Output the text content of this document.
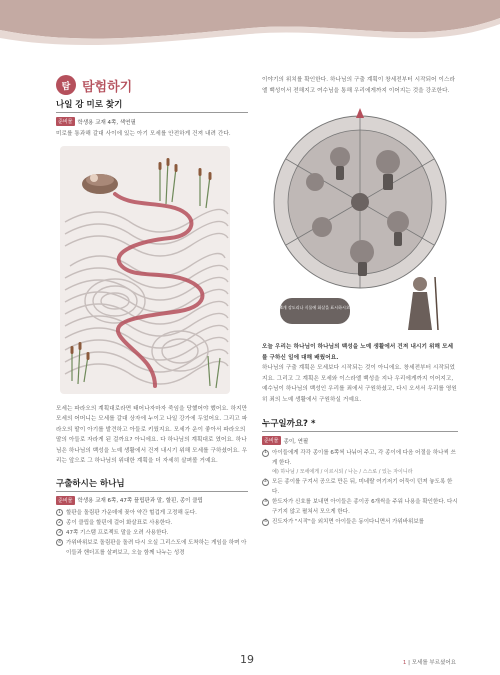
탐 탐험하기
나일 강 미로 찾기
준비물 학생용 교재 4쪽, 색연필
미로를 통과해 갈대 사이에 있는 아기 모세를 안전하게 건져 내려 간다.
모세는 파라오의 계획대로라면 태어나자마자 죽임을 당했어야 했어요. 하지만 모세의 어머니는 모세를 갈대 상자에 누이고 나일 강가에 두었어요. 그리고 파라오의 딸이 아기를 발견하고 아들로 키웠지요. 모세가 운이 좋아서 파라오의 딸의 아들로 자라게 된 걸까요? 아니에요. 다 하나님의 계획대로 였어요. 하나님은 하나님의 백성을 노예 생활에서 건져 내시기 위해 모세를 구하셨어요. 우리는 앞으로 그 하나님의 위대한 계획을 더 자세히 살펴볼 거예요.
구출하시는 하나님
준비물 학생용 교재 6쪽, 47쪽 플립판과 말, 할핀, 종이 클립
1 할판을 돌림판 가운데에 꽂아 약간 헐겁게 고정해 둔다.
2 종이 클립을 할핀에 걸어 화살표로 사용한다.
3 47쪽 기스탬 프로젝트 말을 오려 사용한다.
4 가위바위보로 돌림판을 돌려 다시 오실 그리스도에 도착하는 게임을 하며 아이들과 핸더프를 살펴보고, 오늘 함께 나누는 성경
이야기의 위치를 확인한다. 하나님의 구출 계획이 창세전부터 시작되어 이스라엘 백성이서 전해지고 여수님을 통해 우리에게까지 이어지는 것을 강조한다.
4개 강도리나 식물에 화살을 표시하시오
오늘 우리는 하나님이 하나님의 백성을 노예 생활에서 건져 내시기 위해 모세를 구하신 일에 대해 배웠어요.
하나님의 구출 계획은 모세보다 시작되는 것이 아니에요. 창세전부터 시작되었지요. 그리고 그 계획은 모세와 이스라엘 백성을 지나 우리에게까지 이어지고, 예수님이 하나님의 백성인 우리를 죄에서 구원하셨고, 다시 오셔서 우리를 영원히 죄의 노예 생활에서 구원하실 거예요.
누구일까요? *
준비물 종이, 연필
1 아이들에게 각각 종이를 6쪽씩 나눠어 주고, 각 종이에 다음 어절을 하나씩 쓰게 한다.
예) 하나님 / 모세에게 / 이르시되 / 나는 / 스스로 / 있는 자이니라
2 모든 종이를 구겨서 공으로 만든 뒤, 미네랄 여기저기 어둑이 던져 놓도록 한다.
3 한도자가 신호를 보내면 아이들은 종이공 6개씩을 주워 나용을 확인한다. 다시 구기지 않고 펼쳐서 모으게 한다.
4 진도자가 "시작"을 외치면 아이들은 동이다니면서 가위바위보를
19	1 | 모세를 부르셨어요
